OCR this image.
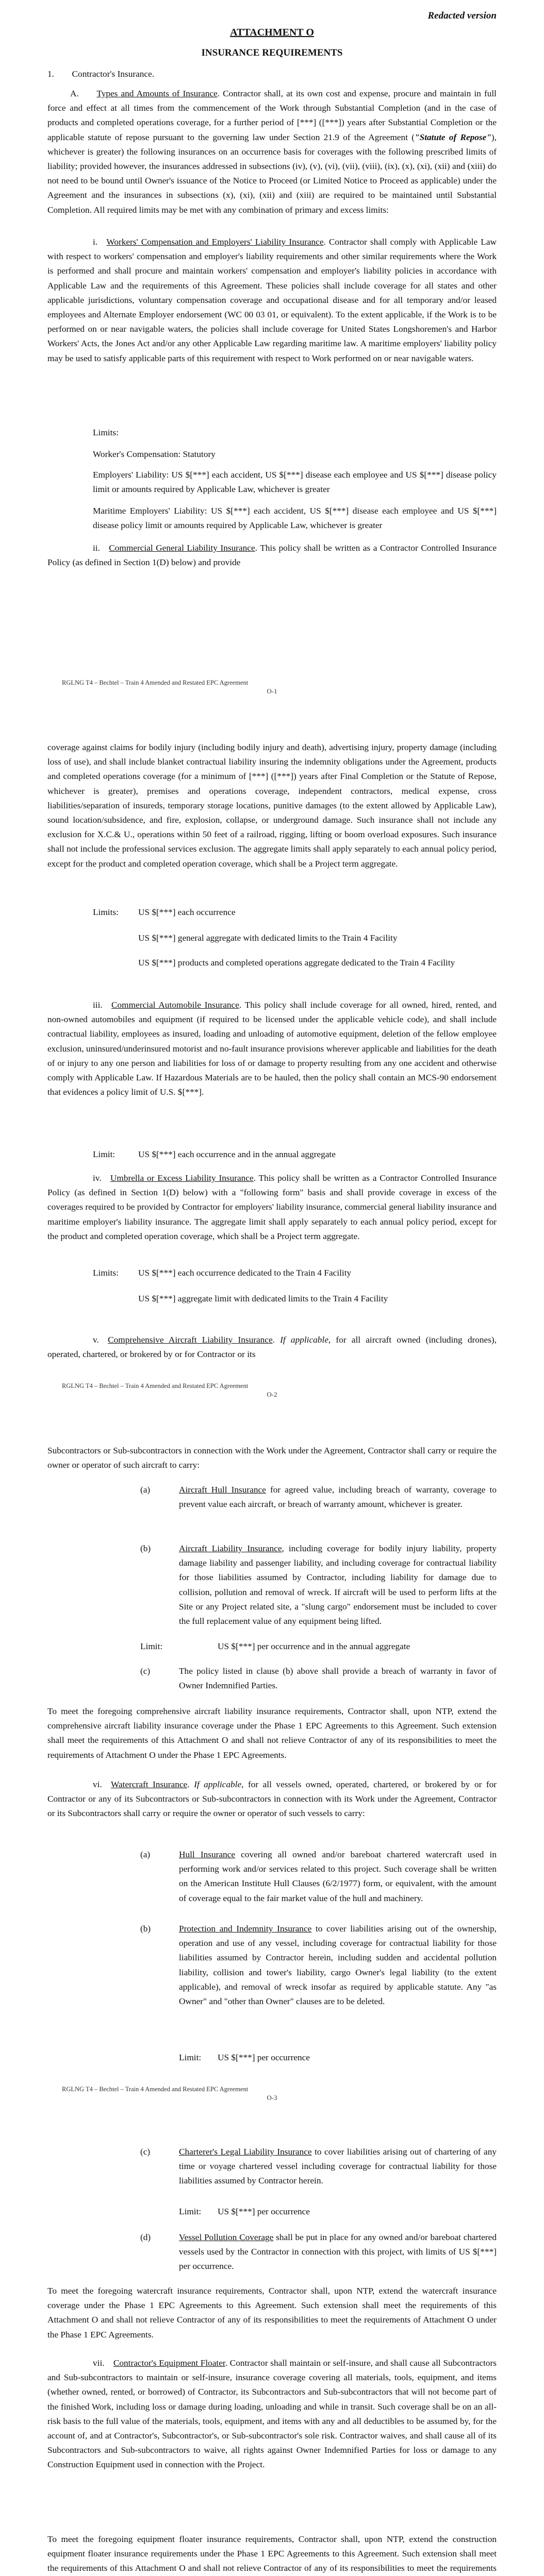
Redacted version
ATTACHMENT O
INSURANCE REQUIREMENTS

1.  Contractor's Insurance.

A.  Types and Amounts of Insurance. Contractor shall, at its own cost and expense, procure and maintain in full force and effect at all times from the commencement of the Work through Substantial Completion (and in the case of products and completed operations coverage, for a further period of [***] ([***]) years after Substantial Completion or the applicable statute of repose pursuant to the governing law under Section 21.9 of the Agreement ("Statute of Repose"), whichever is greater) the following insurances on an occurrence basis for coverages with the following prescribed limits of liability; provided however, the insurances addressed in subsections (iv), (v), (vi), (vii), (viii), (ix), (x), (xi), (xii) and (xiii) do not need to be bound until Owner's issuance of the Notice to Proceed (or Limited Notice to Proceed as applicable) under the Agreement and the insurances in subsections (x), (xi), (xii) and (xiii) are required to be maintained until Substantial Completion. All required limits may be met with any combination of primary and excess limits:

i.  Workers' Compensation and Employers' Liability Insurance. Contractor shall comply with Applicable Law with respect to workers' compensation and employer's liability requirements and other similar requirements where the Work is performed and shall procure and maintain workers' compensation and employer's liability policies in accordance with Applicable Law and the requirements of this Agreement. These policies shall include coverage for all states and other applicable jurisdictions, voluntary compensation coverage and occupational disease and for all temporary and/or leased employees and Alternate Employer endorsement (WC 00 03 01, or equivalent). To the extent applicable, if the Work is to be performed on or near navigable waters, the policies shall include coverage for United States Longshoremen's and Harbor Workers' Acts, the Jones Act and/or any other Applicable Law regarding maritime law. A maritime employers' liability policy may be used to satisfy applicable parts of this requirement with respect to Work performed on or near navigable waters.

Limits:

Worker's Compensation: Statutory

Employers' Liability: US $[***] each accident, US $[***] disease each employee and US $[***] disease policy limit or amounts required by Applicable Law, whichever is greater

Maritime Employers' Liability: US $[***] each accident, US $[***] disease each employee and US $[***] disease policy limit or amounts required by Applicable Law, whichever is greater

ii.  Commercial General Liability Insurance. This policy shall be written as a Contractor Controlled Insurance Policy (as defined in Section 1(D) below) and provide

RGLNG T4 – Bechtel – Train 4 Amended and Restated EPC Agreement
O-1

coverage against claims for bodily injury (including bodily injury and death), advertising injury, property damage (including loss of use), and shall include blanket contractual liability insuring the indemnity obligations under the Agreement, products and completed operations coverage (for a minimum of [***] ([***]) years after Final Completion or the Statute of Repose, whichever is greater), premises and operations coverage, independent contractors, medical expense, cross liabilities/separation of insureds, temporary storage locations, punitive damages (to the extent allowed by Applicable Law), sound location/subsidence, and fire, explosion, collapse, or underground damage. Such insurance shall not include any exclusion for X.C.& U., operations within 50 feet of a railroad, rigging, lifting or boom overload exposures. Such insurance shall not include the professional services exclusion. The aggregate limits shall apply separately to each annual policy period, except for the product and completed operation coverage, which shall be a Project term aggregate.

Limits: US $[***] each occurrence

US $[***] general aggregate with dedicated limits to the Train 4 Facility

US $[***] products and completed operations aggregate dedicated to the Train 4 Facility

iii.  Commercial Automobile Insurance. This policy shall include coverage for all owned, hired, rented, and non-owned automobiles and equipment (if required to be licensed under the applicable vehicle code), and shall include contractual liability, employees as insured, loading and unloading of automotive equipment, deletion of the fellow employee exclusion, uninsured/underinsured motorist and no-fault insurance provisions wherever applicable and liabilities for the death of or injury to any one person and liabilities for loss of or damage to property resulting from any one accident and otherwise comply with Applicable Law. If Hazardous Materials are to be hauled, then the policy shall contain an MCS-90 endorsement that evidences a policy limit of U.S. $[***].

Limit:	US $[***] each occurrence and in the annual aggregate

iv.  Umbrella or Excess Liability Insurance. This policy shall be written as a Contractor Controlled Insurance Policy (as defined in Section 1(D) below) with a "following form" basis and shall provide coverage in excess of the coverages required to be provided by Contractor for employers' liability insurance, commercial general liability insurance and maritime employer's liability insurance. The aggregate limit shall apply separately to each annual policy period, except for the product and completed operation coverage, which shall be a Project term aggregate.

Limits: US $[***] each occurrence dedicated to the Train 4 Facility

US $[***] aggregate limit with dedicated limits to the Train 4 Facility

v.  Comprehensive Aircraft Liability Insurance. If applicable, for all aircraft owned (including drones), operated, chartered, or brokered by or for Contractor or its

RGLNG T4 – Bechtel – Train 4 Amended and Restated EPC Agreement
O-2

Subcontractors or Sub-subcontractors in connection with the Work under the Agreement, Contractor shall carry or require the owner or operator of such aircraft to carry:

(a)	Aircraft Hull Insurance for agreed value, including breach of warranty, coverage to prevent value each aircraft, or breach of warranty amount, whichever is greater.

(b)	Aircraft Liability Insurance, including coverage for bodily injury liability, property damage liability and passenger liability, and including coverage for contractual liability for those liabilities assumed by Contractor, including liability for damage due to collision, pollution and removal of wreck. If aircraft will be used to perform lifts at the Site or any Project related site, a "slung cargo" endorsement must be included to cover the full replacement value of any equipment being lifted.

Limit:	US $[***] per occurrence and in the annual aggregate

(c)	The policy listed in clause (b) above shall provide a breach of warranty in favor of Owner Indemnified Parties.

To meet the foregoing comprehensive aircraft liability insurance requirements, Contractor shall, upon NTP, extend the comprehensive aircraft liability insurance coverage under the Phase 1 EPC Agreements to this Agreement. Such extension shall meet the requirements of this Attachment O and shall not relieve Contractor of any of its responsibilities to meet the requirements of Attachment O under the Phase 1 EPC Agreements.

vi.  Watercraft Insurance. If applicable, for all vessels owned, operated, chartered, or brokered by or for Contractor or any of its Subcontractors or Sub-subcontractors in connection with its Work under the Agreement, Contractor or its Subcontractors shall carry or require the owner or operator of such vessels to carry:

(a)	Hull Insurance covering all owned and/or bareboat chartered watercraft used in performing work and/or services related to this project. Such coverage shall be written on the American Institute Hull Clauses (6/2/1977) form, or equivalent, with the amount of coverage equal to the fair market value of the hull and machinery.

(b)	Protection and Indemnity Insurance to cover liabilities arising out of the ownership, operation and use of any vessel, including coverage for contractual liability for those liabilities assumed by Contractor herein, including sudden and accidental pollution liability, collision and tower's liability, cargo Owner's legal liability (to the extent applicable), and removal of wreck insofar as required by applicable statute. Any "as Owner" and "other than Owner" clauses are to be deleted.

Limit: US $[***] per occurrence

RGLNG T4 – Bechtel – Train 4 Amended and Restated EPC Agreement
O-3

(c)	Charterer's Legal Liability Insurance to cover liabilities arising out of chartering of any time or voyage chartered vessel including coverage for contractual liability for those liabilities assumed by Contractor herein.

Limit: US $[***] per occurrence

(d)	Vessel Pollution Coverage shall be put in place for any owned and/or bareboat chartered vessels used by the Contractor in connection with this project, with limits of US $[***] per occurrence.

To meet the foregoing watercraft insurance requirements, Contractor shall, upon NTP, extend the watercraft insurance coverage under the Phase 1 EPC Agreements to this Agreement. Such extension shall meet the requirements of this Attachment O and shall not relieve Contractor of any of its responsibilities to meet the requirements of Attachment O under the Phase 1 EPC Agreements.

vii.  Contractor's Equipment Floater. Contractor shall maintain or self-insure, and shall cause all Subcontractors and Sub-subcontractors to maintain or self-insure, insurance coverage covering all materials, tools, equipment, and items (whether owned, rented, or borrowed) of Contractor, its Subcontractors and Sub-subcontractors that will not become part of the finished Work, including loss or damage during loading, unloading and while in transit. Such coverage shall be on an all-risk basis to the full value of the materials, tools, equipment, and items with any and all deductibles to be assumed by, for the account of, and at Contractor's, Subcontractor's, or Sub-subcontractor's sole risk. Contractor waives, and shall cause all of its Subcontractors and Sub-subcontractors to waive, all rights against Owner Indemnified Parties for loss or damage to any Construction Equipment used in connection with the Project.

To meet the foregoing equipment floater insurance requirements, Contractor shall, upon NTP, extend the construction equipment floater insurance requirements under the Phase 1 EPC Agreements to this Agreement. Such extension shall meet the requirements of this Attachment O and shall not relieve Contractor of any of its responsibilities to meet the requirements
